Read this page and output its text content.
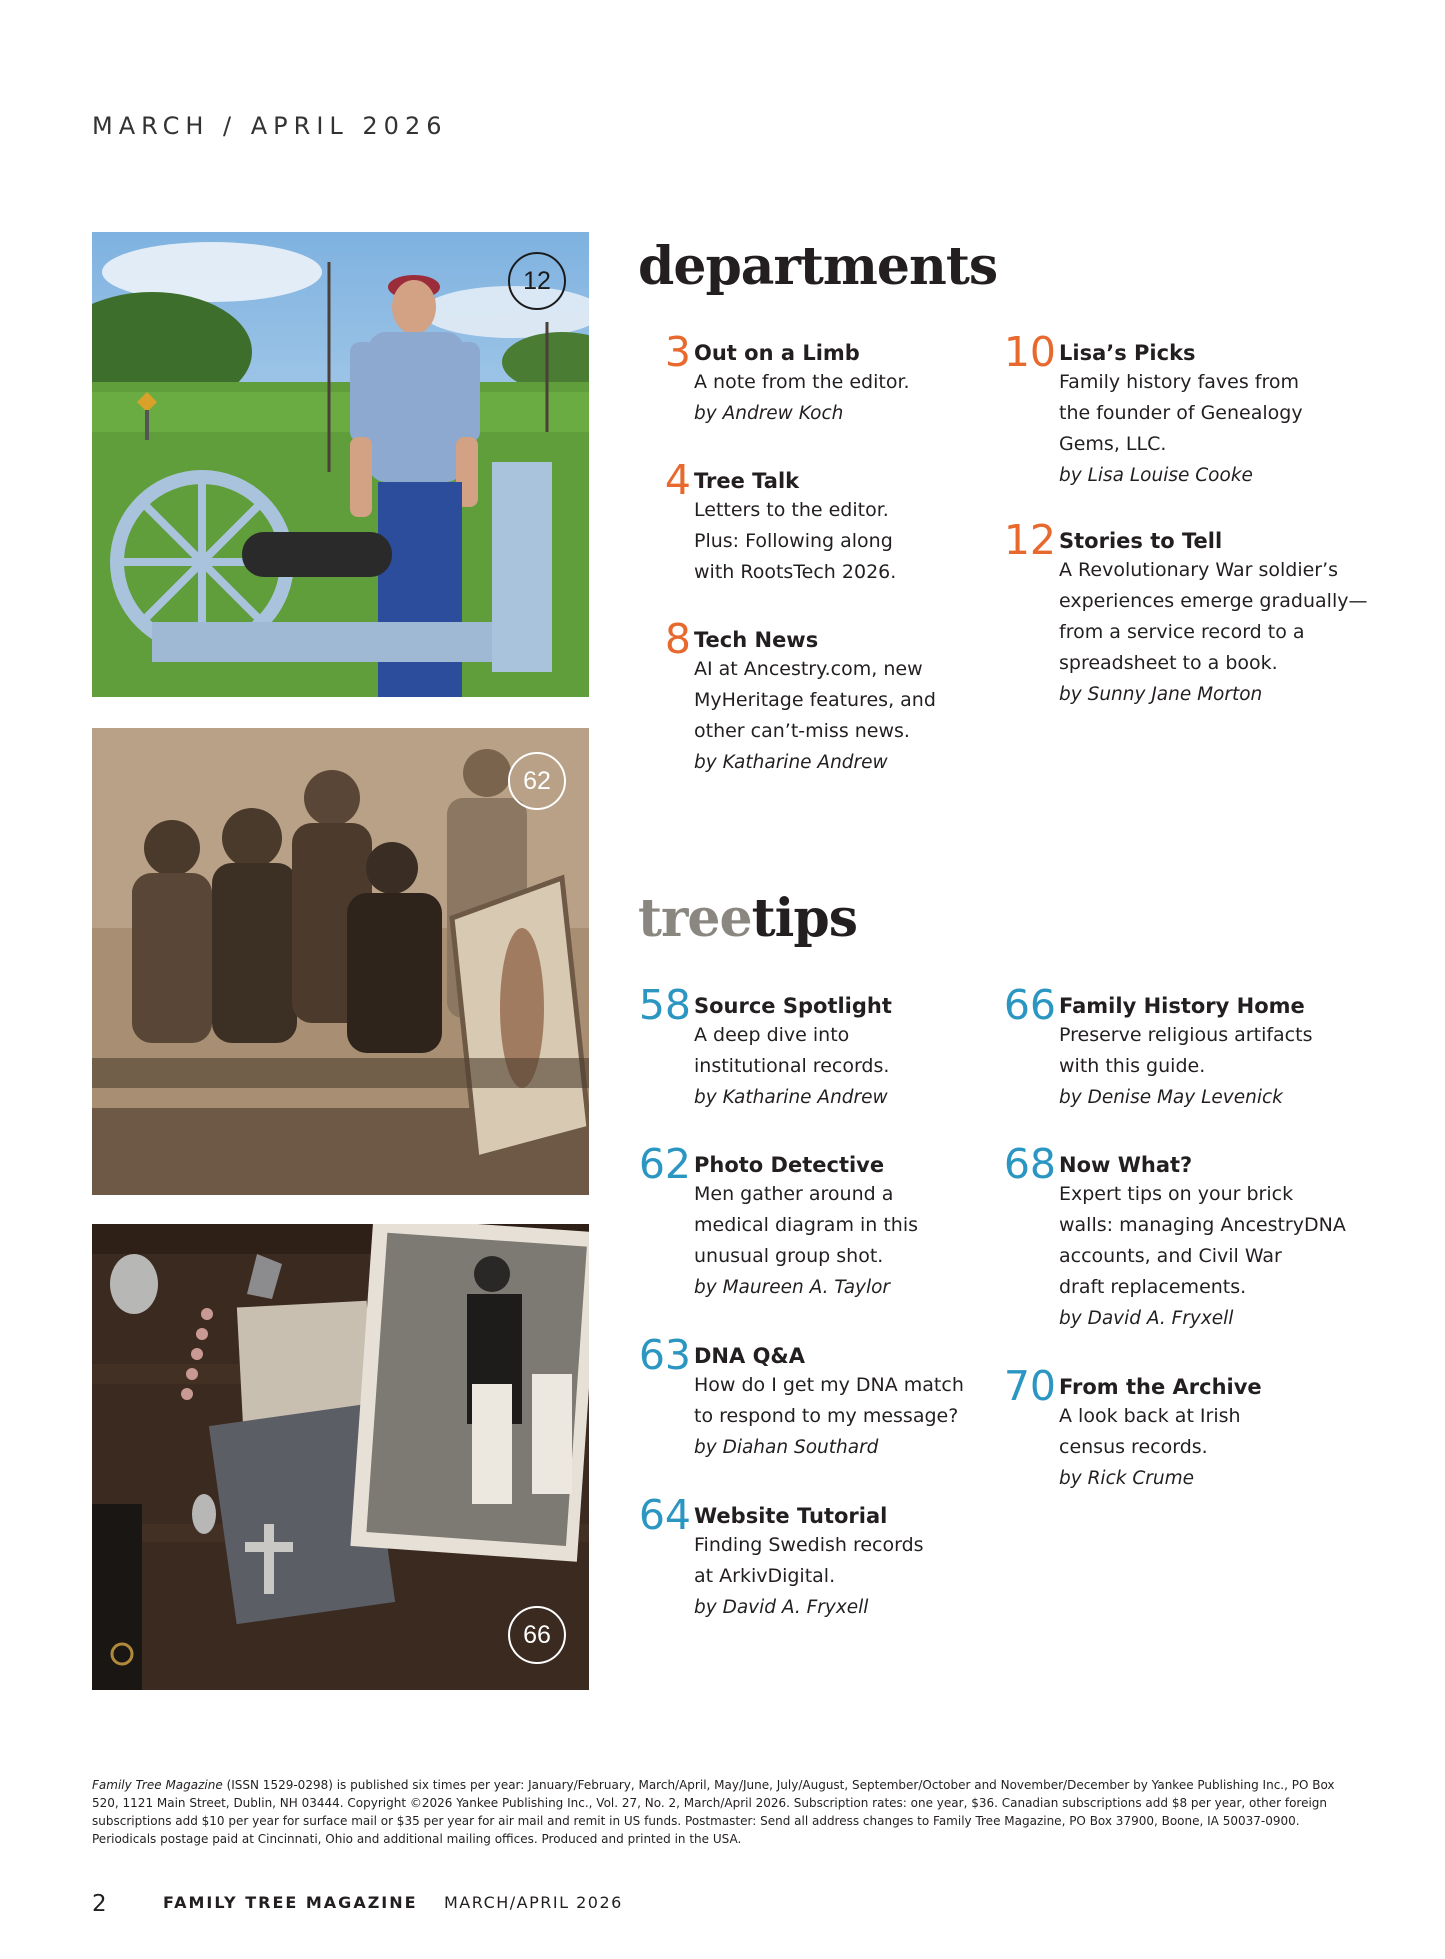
MARCH / APRIL 2026
12
62
66
departments
3 Out on a Limb
A note from the editor.
by Andrew Koch
4 Tree Talk
Letters to the editor.
Plus: Following along
with RootsTech 2026.
8 Tech News
AI at Ancestry.com, new
MyHeritage features, and
other can’t-miss news.
by Katharine Andrew
10 Lisa’s Picks
Family history faves from
the founder of Genealogy
Gems, LLC.
by Lisa Louise Cooke
12 Stories to Tell
A Revolutionary War soldier’s
experiences emerge gradually—
from a service record to a
spreadsheet to a book.
by Sunny Jane Morton
treetips
58 Source Spotlight
A deep dive into
institutional records.
by Katharine Andrew
62 Photo Detective
Men gather around a
medical diagram in this
unusual group shot.
by Maureen A. Taylor
63 DNA Q&A
How do I get my DNA match
to respond to my message?
by Diahan Southard
64 Website Tutorial
Finding Swedish records
at ArkivDigital.
by David A. Fryxell
66 Family History Home
Preserve religious artifacts
with this guide.
by Denise May Levenick
68 Now What?
Expert tips on your brick
walls: managing AncestryDNA
accounts, and Civil War
draft replacements.
by David A. Fryxell
70 From the Archive
A look back at Irish
census records.
by Rick Crume
Family Tree Magazine (ISSN 1529-0298) is published six times per year: January/February, March/April, May/June, July/August, September/October and November/December by Yankee Publishing Inc., PO Box 520, 1121 Main Street, Dublin, NH 03444. Copyright ©2026 Yankee Publishing Inc., Vol. 27, No. 2, March/April 2026. Subscription rates: one year, $36. Canadian subscriptions add $8 per year, other foreign subscriptions add $10 per year for surface mail or $35 per year for air mail and remit in US funds. Postmaster: Send all address changes to Family Tree Magazine, PO Box 37900, Boone, IA 50037-0900. Periodicals postage paid at Cincinnati, Ohio and additional mailing offices. Produced and printed in the USA.
2	FAMILY TREE MAGAZINE MARCH/APRIL 2026
